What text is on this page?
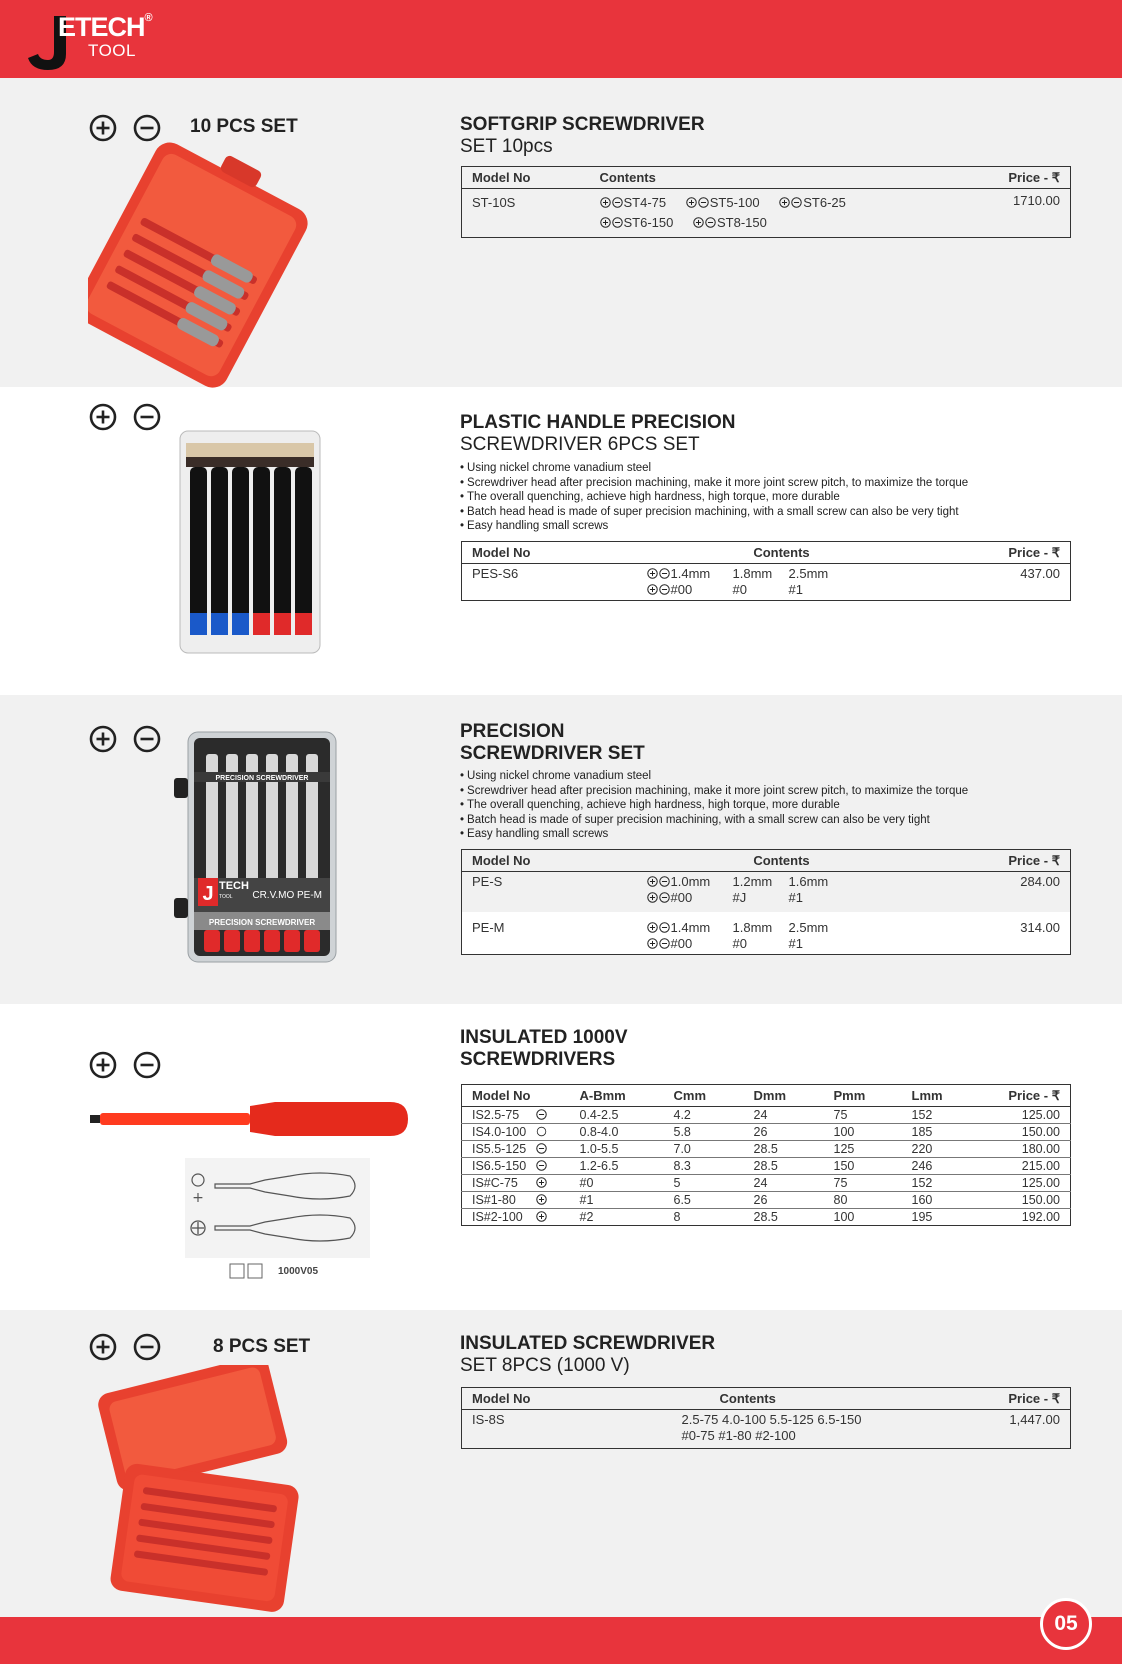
ETECH®
TOOL
10 PCS SET	SOFTGRIP SCREWDRIVER
SET 10pcs
Model No	Contents	Price - ₹
ST-10S	ST4-75 ST5-100 ST6-25
ST6-150 ST8-150	1710.00
PLASTIC HANDLE PRECISION
SCREWDRIVER 6PCS SET
• Using nickel chrome vanadium steel
• Screwdriver head after precision machining, make it more joint screw pitch, to maximize the torque
• The overall quenching, achieve high hardness, high torque, more durable
• Batch head head is made of super precision machining, with a small screw can also be very tight
• Easy handling small screws
Model No	Contents	Price - ₹
PES-S6	1.4mm 1.8mm 2.5mm
#00 #0 #1	437.00
J TECH
TOOL CR.V.MO PE-M
PRECISION SCREWDRIVER
PRECISION SCREWDRIVER
PRECISION
SCREWDRIVER SET
• Using nickel chrome vanadium steel
• Screwdriver head after precision machining, make it more joint screw pitch, to maximize the torque
• The overall quenching, achieve high hardness, high torque, more durable
• Batch head is made of super precision machining, with a small screw can also be very tight
• Easy handling small screws
Model No	Contents	Price - ₹
PE-S	1.0mm 1.2mm 1.6mm
#00 #J #1	284.00
PE-M	1.4mm 1.8mm 2.5mm
#00 #0 #1	314.00
+
1000V05
INSULATED 1000V
SCREWDRIVERS
Model No	A-Bmm	Cmm	Dmm	Pmm	Lmm	Price - ₹
IS2.5-75	0.4-2.5	4.2	24	75	152	125.00
IS4.0-100	0.8-4.0	5.8	26	100	185	150.00
IS5.5-125	1.0-5.5	7.0	28.5	125	220	180.00
IS6.5-150	1.2-6.5	8.3	28.5	150	246	215.00
IS#C-75	#0	5	24	75	152	125.00
IS#1-80	#1	6.5	26	80	160	150.00
IS#2-100	#2	8	28.5	100	195	192.00
8 PCS SET	INSULATED SCREWDRIVER
SET 8PCS (1000 V)
Model No	Contents	Price - ₹
IS-8S	2.5-75 4.0-100 5.5-125 6.5-150
#0-75 #1-80 #2-100	1,447.00
05
